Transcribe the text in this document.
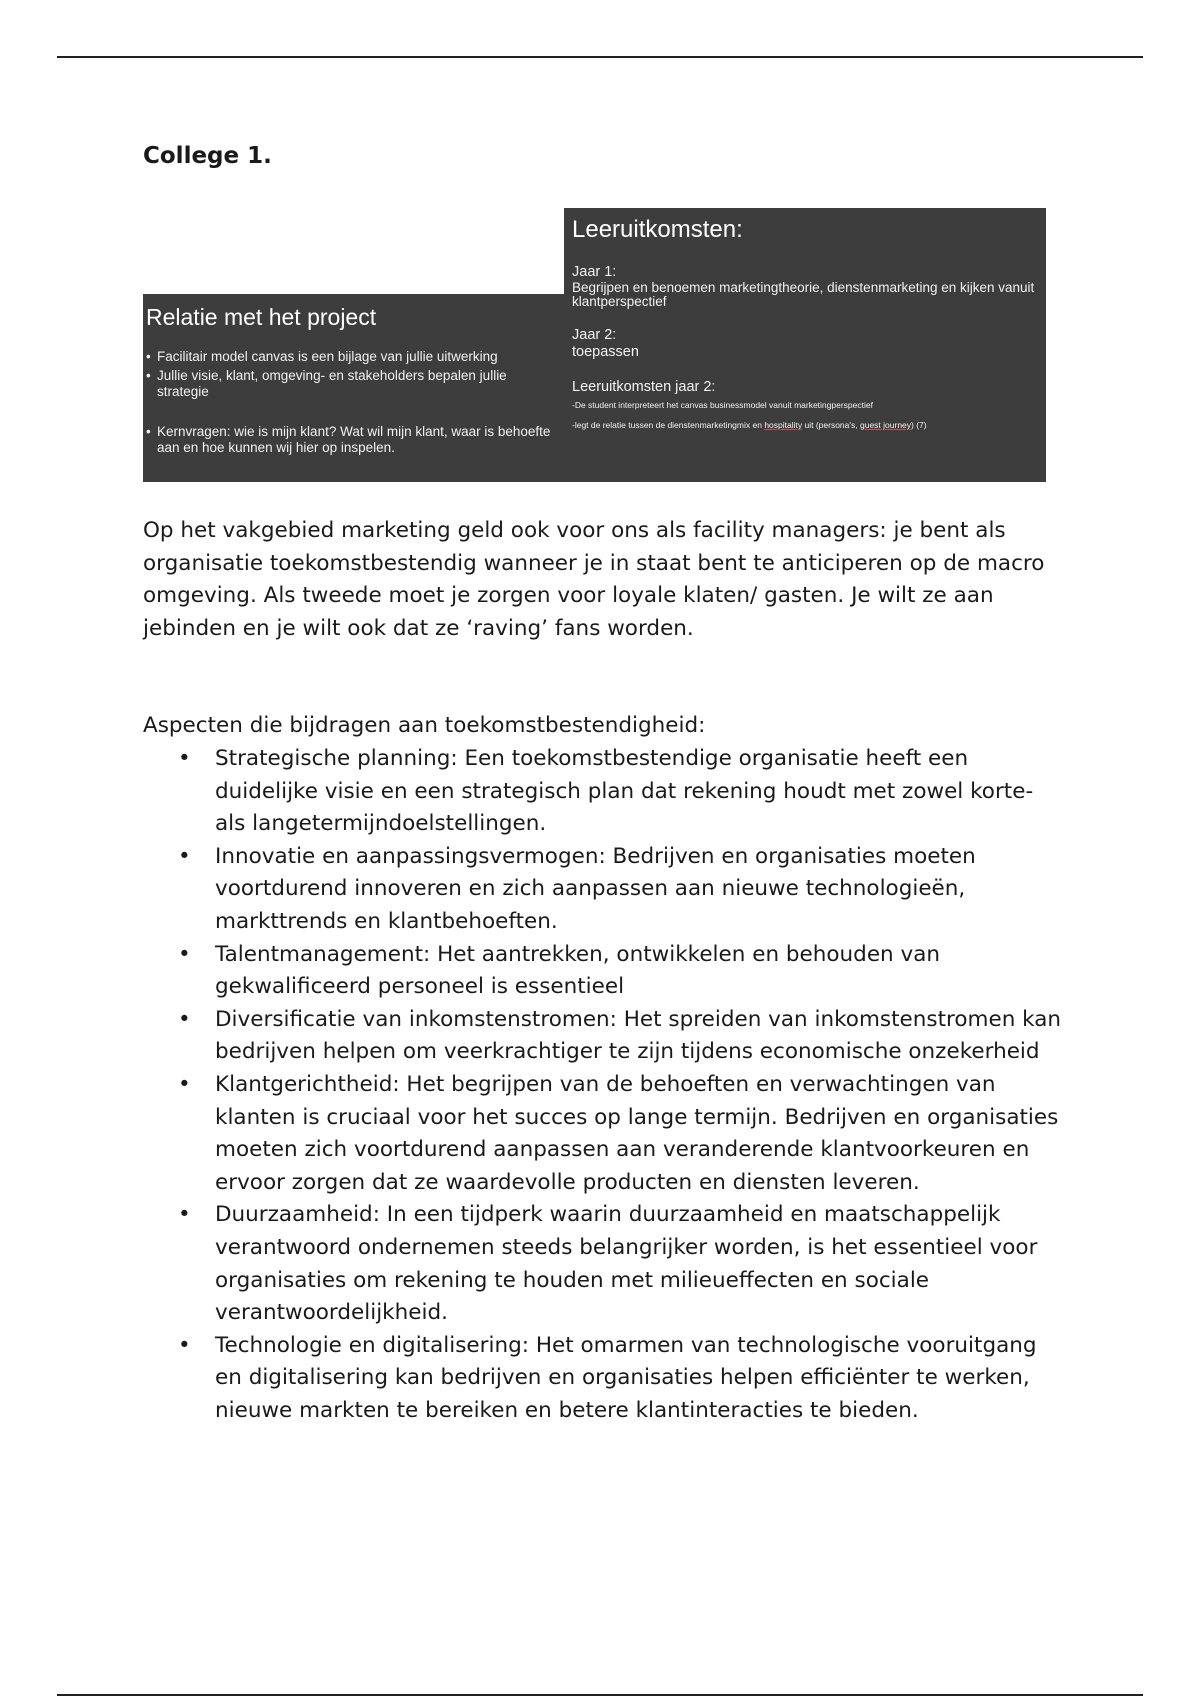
College 1.
Relatie met het project
• Facilitair model canvas is een bijlage van jullie uitwerking
• Jullie visie, klant, omgeving- en stakeholders bepalen jullie strategie
• Kernvragen: wie is mijn klant? Wat wil mijn klant, waar is behoefte aan en hoe kunnen wij hier op inspelen.
Leeruitkomsten:

Jaar 1:

Begrijpen en benoemen marketingtheorie, dienstenmarketing en kijken vanuit klantperspectief

Jaar 2:

toepassen

Leeruitkomsten jaar 2:

-De student interpreteert het canvas businessmodel vanuit marketingperspectief

-legt de relatie tussen de dienstenmarketingmix en hospitality uit (persona's, guest journey) (7)

Op het vakgebied marketing geld ook voor ons als facility managers: je bent als organisatie toekomstbestendig wanneer je in staat bent te anticiperen op de macro omgeving. Als tweede moet je zorgen voor loyale klaten/ gasten. Je wilt ze aan jebinden en je wilt ook dat ze ‘raving’ fans worden.

Aspecten die bijdragen aan toekomstbestendigheid:

• Strategische planning: Een toekomstbestendige organisatie heeft een duidelijke visie en een strategisch plan dat rekening houdt met zowel korte- als langetermijndoelstellingen.
• Innovatie en aanpassingsvermogen: Bedrijven en organisaties moeten voortdurend innoveren en zich aanpassen aan nieuwe technologieën, markttrends en klantbehoeften.
• Talentmanagement: Het aantrekken, ontwikkelen en behouden van gekwalificeerd personeel is essentieel
• Diversificatie van inkomstenstromen: Het spreiden van inkomstenstromen kan bedrijven helpen om veerkrachtiger te zijn tijdens economische onzekerheid
• Klantgerichtheid: Het begrijpen van de behoeften en verwachtingen van klanten is cruciaal voor het succes op lange termijn. Bedrijven en organisaties moeten zich voortdurend aanpassen aan veranderende klantvoorkeuren en ervoor zorgen dat ze waardevolle producten en diensten leveren.
• Duurzaamheid: In een tijdperk waarin duurzaamheid en maatschappelijk verantwoord ondernemen steeds belangrijker worden, is het essentieel voor organisaties om rekening te houden met milieueffecten en sociale verantwoordelijkheid.
• Technologie en digitalisering: Het omarmen van technologische vooruitgang en digitalisering kan bedrijven en organisaties helpen efficiënter te werken, nieuwe markten te bereiken en betere klantinteracties te bieden.
